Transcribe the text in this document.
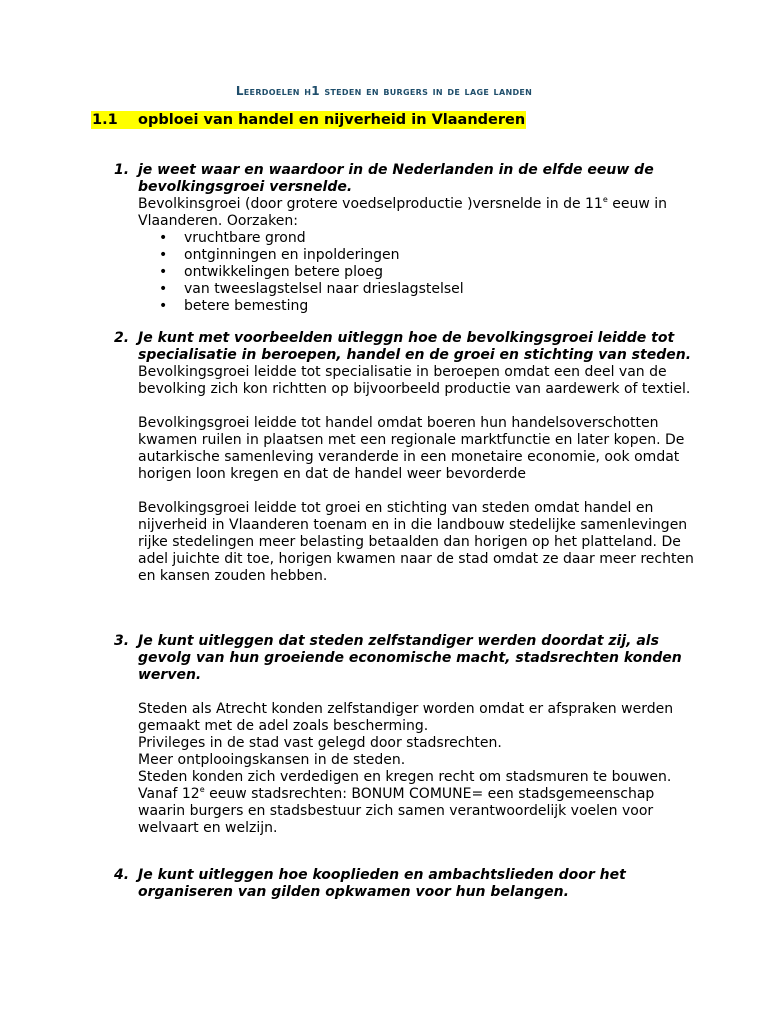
Leerdoelen h1 steden en burgers in de lage landen
1.1 opbloei van handel en nijverheid in Vlaanderen
1. je weet waar en waardoor in de Nederlanden in de elfde eeuw de bevolkingsgroei versnelde.

Bevolkinsgroei (door grotere voedselproductie )versnelde in de 11e eeuw in Vlaanderen. Oorzaken:

• vruchtbare grond
• ontginningen en inpolderingen
• ontwikkelingen betere ploeg
• van tweeslagstelsel naar drieslagstelsel
• betere bemesting
2. Je kunt met voorbeelden uitleggn hoe de bevolkingsgroei leidde tot specialisatie in beroepen, handel en de groei en stichting van steden.

Bevolkingsgroei leidde tot specialisatie in beroepen omdat een deel van de bevolking zich kon richtten op bijvoorbeeld productie van aardewerk of textiel.

Bevolkingsgroei leidde tot handel omdat boeren hun handelsoverschotten kwamen ruilen in plaatsen met een regionale marktfunctie en later kopen. De autarkische samenleving veranderde in een monetaire economie, ook omdat horigen loon kregen en dat de handel weer bevorderde

Bevolkingsgroei leidde tot groei en stichting van steden omdat handel en nijverheid in Vlaanderen toenam en in die landbouw stedelijke samenlevingen rijke stedelingen meer belasting betaalden dan horigen op het platteland. De adel juichte dit toe, horigen kwamen naar de stad omdat ze daar meer rechten en kansen zouden hebben.

3. Je kunt uitleggen dat steden zelfstandiger werden doordat zij, als gevolg van hun groeiende economische macht, stadsrechten konden werven.

Steden als Atrecht konden zelfstandiger worden omdat er afspraken werden gemaakt met de adel zoals bescherming.

Privileges in de stad vast gelegd door stadsrechten.

Meer ontplooingskansen in de steden.

Steden konden zich verdedigen en kregen recht om stadsmuren te bouwen.

Vanaf 12e eeuw stadsrechten: BONUM COMUNE= een stadsgemeenschap waarin burgers en stadsbestuur zich samen verantwoordelijk voelen voor welvaart en welzijn.

4. Je kunt uitleggen hoe kooplieden en ambachtslieden door het organiseren van gilden opkwamen voor hun belangen.
